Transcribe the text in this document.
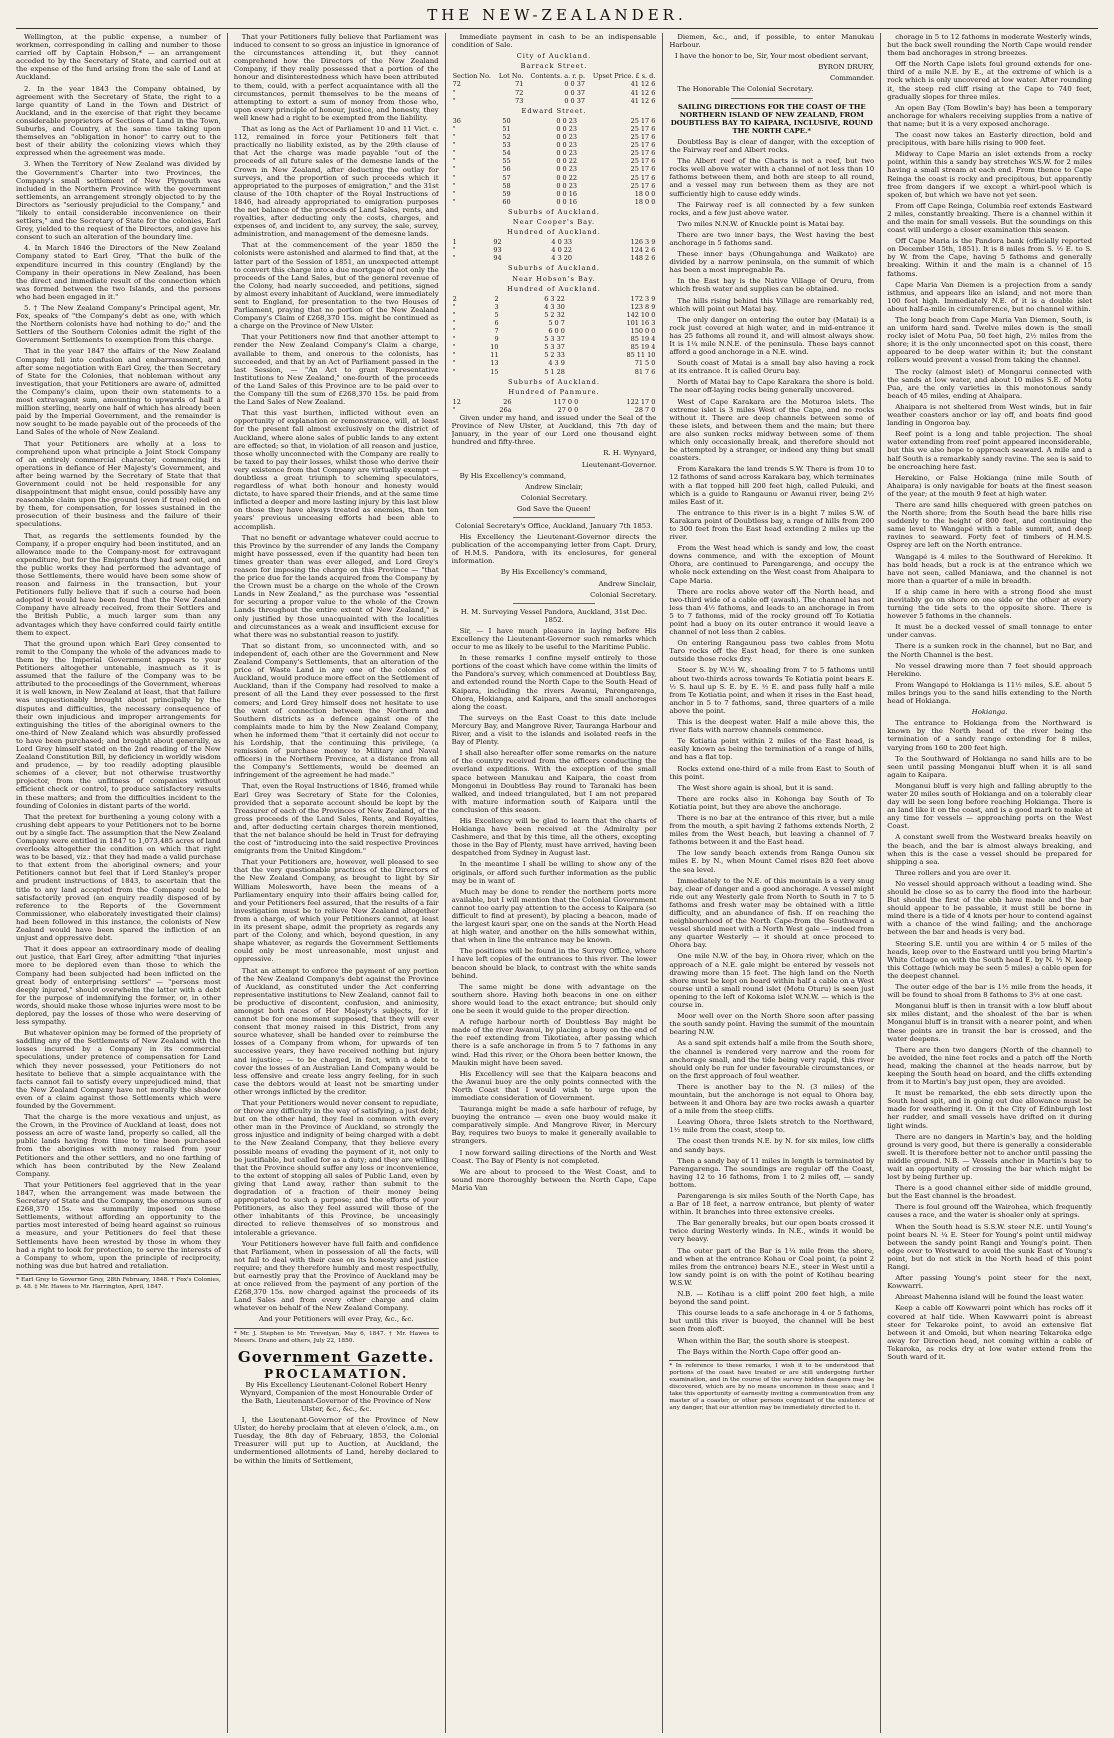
THE NEW-ZEALANDER.

Wellington, at the public expense, a number of workmen, corresponding in calling and number to those carried off by Captain Hobson,* — an arrangement acceded to by the Secretary of State, and carried out at the expense of the fund arising from the sale of Land at Auckland.

2. In the year 1843 the Company obtained, by agreement with the Secretary of State, the right to a large quantity of Land in the Town and District of Auckland, and in the exercise of that right they became considerable proprietors of Sections of Land in the Town, Suburbs, and Country, at the same time taking upon themselves an "obligation in honor" to carry out to the best of their ability the colonizing views which they expressed when the agreement was made.

3. When the Territory of New Zealand was divided by the Government's Charter into two Provinces, the Company's small settlement of New Plymouth was included in the Northern Province with the government settlements, an arrangement strongly objected to by the Directors as "seriously prejudicial to the Company," and "likely to entail considerable inconvenience on their settlers," and the Secretary of State for the colonies, Earl Grey, yielded to the request of the Directors, and gave his consent to such an alteration of the boundary line.

4. In March 1846 the Directors of the New Zealand Company stated to Earl Grey, "That the bulk of the expenditure incurred in this country (England) by the Company in their operations in New Zealand, has been the direct and immediate result of the connection which was formed between the two Islands, and the persons who had been engaged in it."

5. † The New Zealand Company's Principal agent, Mr. Fox, speaks of "the Company's debt as one, with which the Northern colonists have had nothing to do;" and the Settlers of the Southern Colonies admit the right of the Government Settlements to exemption from this charge.

That in the year 1847 the affairs of the New Zealand Company fell into confusion and embarrassment, and after some negotiation with Earl Grey, the then Secretary of State for the Colonies, that nobleman without any investigation, that your Petitioners are aware of, admitted the Company's claim, upon their own statements to a most extravagant sum, amounting to upwards of half a million sterling, nearly one half of which has already been paid by the Imperial Government, and the remainder is now sought to be made payable out of the proceeds of the Land Sales of the whole of New Zealand.

That your Petitioners are wholly at a loss to comprehend upon what principle a Joint Stock Company of an entirely commercial character, commencing its operations in defiance of Her Majesty's Government, and after being warned by the Secretary of State that that Government could not be held responsible for any disappointment that might ensue, could possibly have any reasonable claim upon the ground (even if true) relied on by them, for compensation, for losses sustained in the prosecution of their business and the failure of their speculations.

That, as regards the settlements founded by the Company, if a proper enquiry had been instituted, and an allowance made to the Company-most for extravagant expenditure, but for the Emigrants they had sent out, and the public works they had performed the advantage of those Settlements, there would have been some show of reason and fairness in the transaction, but your Petitioners fully believe that if such a course had been adopted it would have been found that the New Zealand Company have already received, from their Settlers and the British Public, a much larger sum than any advantages which they have conferred could fairly entitle them to expect.

That the ground upon which Earl Grey consented to remit to the Company the whole of the advances made to them by the Imperial Government appears to your Petitioners altogether untenable, inasmuch as it is assumed that the failure of the Company was to be attributed to the proceedings of the Government, whereas it is well known, in New Zealand at least, that that failure was unquestionably brought about principally by the disputes and difficulties, the necessary consequence of their own injudicious and improper arrangements for extinguishing the titles of the aboriginal owners to the one-third of New Zealand which was absurdly professed to have been purchased; and brought about generally, as Lord Grey himself stated on the 2nd reading of the New Zealand Constitution Bill, by deficiency in worldly wisdom and prudence, — by too readily adopting plausible schemes of a clever, but not otherwise trustworthy projector, from the unfitness of companies without efficient check or control, to produce satisfactory results in these matters; and from the difficulties incident to the founding of Colonies in distant parts of the world.

That the pretext for burthening a young colony with a crushing debt appears to your Petitioners not to be borne out by a single fact. The assumption that the New Zealand Company were entitled in 1847 to 1,073,485 acres of land overlooks altogether the condition on which that right was to be based, viz.: that they had made a valid purchase to that extent from the aboriginal owners; and your Petitioners cannot but feel that if Lord Stanley's proper and prudent instructions of 1843, to ascertain that the title to any land accepted from the Company could be satisfactorily proved (an enquiry readily disposed of by reference to the Reports of the Government Commissioner, who elaborately investigated their claims) had been followed in this instance, the colonists of New Zealand would have been spared the infliction of an unjust and oppressive debt.

That it does appear an extraordinary mode of dealing out justice, that Earl Grey, after admitting "that injuries more to be deplored even than those to which the Company had been subjected had been inflicted on the great body of enterprising settlers" — "persons most deeply injured," should overwhelm the latter with a debt for the purpose of indemnifying the former, or, in other words, should make those whose injuries were most to be deplored, pay the losses of those who were deserving of less sympathy.

But whatever opinion may be formed of the propriety of saddling any of the Settlements of New Zealand with the losses incurred by a Company in its commercial speculations, under pretence of compensation for Land which they never possessed, your Petitioners do not hesitate to believe that a simple acquaintance with the facts cannot fail to satisfy every unprejudiced mind, that the New Zealand Company have not morally the shadow even of a claim against those Settlements which were founded by the Government.

That the charge is the more vexatious and unjust, as the Crown, in the Province of Auckland at least, does not possess an acre of waste land, properly so called, all the public lands having from time to time been purchased from the aborigines with money raised from your Petitioners and the other settlers, and no one farthing of which has been contributed by the New Zealand Company.

That your Petitioners feel aggrieved that in the year 1847, when the arrangement was made between the Secretary of State and the Company, the enormous sum of £268,370 15s. was summarily imposed on these Settlements, without affording an opportunity to the parties most interested of being heard against so ruinous a measure, and your Petitioners do feel that these Settlements have been wrested by those in whom they had a right to look for protection, to serve the interests of a Company to whom, upon the principle of reciprocity, nothing was due but hatred and retaliation.

* Earl Grey to Governor Grey, 28th February, 1848. † Fox's Colonies, p. 48. ‡ Mr. Hawes to Mr. Harrington, April, 1847.

That your Petitioners fully believe that Parliament was induced to consent to so gross an injustice in ignorance of the circumstances attending it, but they cannot comprehend how the Directors of the New Zealand Company, if they really possessed that a portion of the honour and disinterestedness which have been attributed to them, could, with a perfect acquaintance with all the circumstances, permit themselves to be the means of attempting to extort a sum of money from those who, upon every principle of honour, justice, and honesty, they well knew had a right to be exempted from the liability.

That as long as the Act of Parliament 10 and 11 Vict. c. 112, remained in force your Petitioners felt that practically no liability existed, as by the 29th clause of that Act the charge was made payable "out of the proceeds of all future sales of the demesne lands of the Crown in New Zealand, after deducting the outlay for surveys, and the proportion of such proceeds which it appropriated to the purposes of emigration," and the 31st clause of the 10th chapter of the Royal Instructions of 1846, had already appropriated to emigration purposes the net balance of the proceeds of Land Sales, rents, and royalties, after deducting only the costs, charges, and expenses of, and incident to, any survey, the sale, survey, administration, and management of the demesne lands.

That at the commencement of the year 1850 the colonists were astonished and alarmed to find that, at the latter part of the Session of 1851, an unexpected attempt to convert this charge into a due mortgage of not only the proceeds of the Land Sales, but of the general revenue of the Colony, had nearly succeeded, and petitions, signed by almost every inhabitant of Auckland, were immediately sent to England, for presentation to the two Houses of Parliament, praying that no portion of the New Zealand Company's Claim of £268,370 15s. might be continued as a charge on the Province of New Ulster.

That your Petitioners now find that another attempt to render the New Zealand Company's Claim a charge, available to them, and onerous to the colonists, has succeeded, and that by an Act of Parliament passed in the last Session, — "An Act to grant Representative Institutions to New Zealand," one-fourth of the proceeds of the Land Sales of this Province are to be paid over to the Company till the sum of £268,370 15s. be paid from the Land Sales of New Zealand.

That this vast burthen, inflicted without even an opportunity of explanation or remonstrance, will, at least for the present fall almost exclusively on the district of Auckland, where alone sales of public lands to any extent are effected; so that, in violation of all reason and justice, those wholly unconnected with the Company are really to be taxed to pay their losses, whilst those who derive their very existence from that Company are virtually exempt — doubtless a great triumph to scheming speculators, regardless of what both honour and honesty would dictate, to have spared their friends, and at the same time inflicted a deeper and more lasting injury by this last blow on those they have always treated as enemies, than ten years' previous unceasing efforts had been able to accomplish.

That no benefit or advantage whatever could accrue to this Province by the surrender of any lands the Company might have possessed, even if the quantity had been ten times greater than was ever alleged, and Lord Grey's reason for imposing the charge on this Province — "that the price due for the lands acquired from the Company by the Crown must be a charge on the whole of the Crown Lands in New Zealand," as the purchase was "essential for securing a proper value to the whole of the Crown Lands throughout the entire extent of New Zealand," is only justified by those unacquainted with the localities and circumstances as a weak and insufficient excuse for what there was no substantial reason to justify.

That so distant from, so unconnected with, and so independent of, each other are the Government and New Zealand Company's Settlements, that an alteration of the price of Waste Land in any one of the colonies of Auckland, would produce more effect on the Settlement of Auckland, than if the Company had resolved to make a present of all the Land they ever possessed to the first comers; and Lord Grey himself does not hesitate to use the want of connection between the Northern and Southern districts as a defence against one of the complaints made to him by the New Zealand Company, when he informed them "that it certainly did not occur to his Lordship, that the continuing this privilege, (a remission of purchase money to Military and Naval officers) in the Northern Province, at a distance from all the Company's Settlements, would be deemed an infringement of the agreement he had made."

That, even the Royal Instructions of 1846, framed while Earl Grey was Secretary of State for the Colonies, provided that a separate account should be kept by the Treasurer of each of the Provinces of New Zealand, of the gross proceeds of the Land Sales, Rents, and Royalties, and, after deducting certain charges therein mentioned, that the net balance should be held in Trust for defraying the cost of "introducing into the said respective Provinces emigrants from the United Kingdom."

That your Petitioners are, however, well pleased to see that the very questionable practices of the Directors of the New Zealand Company, as brought to light by Sir William Molesworth, have been the means of a Parliamentary enquiry into their affairs being called for, and your Petitioners feel assured, that the results of a fair investigation must be to relieve New Zealand altogether from a charge, of which your Petitioners cannot, at least in its present shape, admit the propriety as regards any part of the Colony, and which, beyond question, in any shape whatever, as regards the Government Settlements could only be most unreasonable, most unjust and oppressive.

That an attempt to enforce the payment of any portion of the New Zealand Company's debt against the Province of Auckland, as constituted under the Act conferring representative institutions to New Zealand, cannot fail to be productive of discontent, confusion, and animosity, amongst both races of Her Majesty's subjects, for it cannot be for one moment supposed, that they will ever consent that money raised in this District, from any source whatever, shall be handed over to reimburse the losses of a Company from whom, for upwards of ten successive years, they have received nothing but injury and injustice; — to be charged, in fact, with a debt to cover the losses of an Australian Land Company would be less offensive and create less angry feeling, for in such case the debtors would at least not be smarting under other wrongs inflicted by the creditor.

That your Petitioners would never consent to repudiate, or throw any difficulty in the way of satisfying, a just debt; but on the other hand, they feel in common with every other man in the Province of Auckland, so strongly the gross injustice and indignity of being charged with a debt to the New Zealand Company, that they believe every possible means of evading the payment of it, not only to be justifiable, but called for as a duty; and they are willing that the Province should suffer any loss or inconvenience, to the extent of stopping all sales of Public Land, even by giving that Land away, rather than submit to the degradation of a fraction of their money being appropriated to such a purpose; and the efforts of your Petitioners, as also they feel assured will those of the other inhabitants of this Province, be unceasingly directed to relieve themselves of so monstrous and intolerable a grievance.

Your Petitioners however have full faith and confidence that Parliament, when in possession of all the facts, will not fail to deal with their case on its honesty and justice require; and they therefore humbly and most respectfully, but earnestly pray that the Province of Auckland may be at once relieved from the payment of any portion of the £268,370 15s. now charged against the proceeds of its Land Sales and from every other charge and claim whatever on behalf of the New Zealand Company.

And your Petitioners will ever Pray, &c., &c.

* Mr. J. Stephen to Mr. Trevelyan, May 6, 1847. † Mr. Hawes to Messrs. Drano and others, July 22, 1850.
Government Gazette.

PROCLAMATION.

By His Excellency Lieutenant-Colonel Robert Henry Wynyard, Companion of the most Honourable Order of the Bath, Lieutenant-Governor of the Province of New Ulster, &c., &c., &c.

I, the Lieutenant-Governor of the Province of New Ulster, do hereby proclaim that at eleven o'clock, a.m., on Tuesday, the 8th day of February, 1853, the Colonial Treasurer will put up to Auction, at Auckland, the undermentioned allotments of Land, hereby declared to be within the limits of Settlement,

Immediate payment in cash to be an indispensable condition of Sale.

City of Auckland.
Barrack Street.
Section No.	Lot No.	Contents. a. r. p.	Upset Price. £ s. d.
72	71	0 0 37	41 12 6
"	72	0 0 37	41 12 6
"	73	0 0 37	41 12 6
Edward Street.
36	50	0 0 23	25 17 6
"	51	0 0 23	25 17 6
"	52	0 0 23	25 17 6
"	53	0 0 23	25 17 6
"	54	0 0 23	25 17 6
"	55	0 0 22	25 17 6
"	56	0 0 23	25 17 6
"	57	0 0 22	25 17 6
"	58	0 0 23	25 17 6
"	59	0 0 16	18 0 0
"	60	0 0 16	18 0 0
Suburbs of Auckland.
Near Cooper's Bay.
Hundred of Auckland.
1	92	4 0 33	126 3 9
"	93	4 0 22	124 2 6
"	94	4 3 20	148 2 6
Suburbs of Auckland.
Near Hobson's Bay.
Hundred of Auckland.
2	2	6 3 22	172 3 9
"	3	4 3 30	123 8 9
"	5	5 2 32	142 10 0
"	6	5 0 7	101 16 3
"	7	6 0 0	150 0 0
"	9	5 3 37	85 19 4
"	10	5 3 37	85 19 4
"	11	5 2 33	85 11 10
"	13	4 3 9	71 5 0
"	15	5 1 28	81 7 6
Suburbs of Auckland.
Hundred of Panmure.
12	26	117 0 0	122 17 0
"	26a	27 0 0	28 7 0

Given under my hand, and issued under the Seal of the Province of New Ulster, at Auckland, this 7th day of January, in the year of our Lord one thousand eight hundred and fifty-three.

R. H. Wynyard,

Lieutenant-Governor.

By His Excellency's command,

Andrew Sinclair,

Colonial Secretary.

God Save the Queen!

Colonial Secretary's Office, Auckland, January 7th 1853.

His Excellency the Lieutenant-Governor directs the publication of the accompanying letter from Capt. Drury, of H.M.S. Pandora, with its enclosures, for general information.

By His Excellency's command,

Andrew Sinclair,

Colonial Secretary.

H. M. Surveying Vessel Pandora, Auckland, 31st Dec. 1852.

Sir, — I have much pleasure in laying before His Excellency the Lieutenant-Governor such remarks which occur to me as likely to be useful to the Maritime Public.

In these remarks I confine myself entirely to those portions of the coast which have come within the limits of the Pandora's survey, which commenced at Doubtless Bay, and extended round the North Cape to the South Head of Kaipara, including the rivers Awanui, Parengarenga, Ohora, Hokianga, and Kaipara, and the small anchorages along the coast.

The surveys on the East Coast to this date include Mercury Bay, and Mangrove River, Tauranga Harbour and River, and a visit to the islands and isolated reefs in the Bay of Plenty.

I shall also hereafter offer some remarks on the nature of the country received from the officers conducting the overland expeditions. With the exception of the small space between Manukau and Kaipara, the coast from Mongonui in Doubtless Bay round to Taranaki has been walked, and indeed triangulated, but I am not prepared with mature information south of Kaipara until the conclusion of this season.

His Excellency will be glad to learn that the charts of Hokianga have been received at the Admiralty per Cashmere, and that by this time, all the others, excepting those in the Bay of Plenty, must have arrived, having been despatched from Sydney in August last.

In the meantime I shall be willing to show any of the originals, or afford such further information as the public may be in want of.

Much may be done to render the northern ports more available, but I will mention that the Colonial Government cannot too early pay attention to the access to Kaipara (so difficult to find at present), by placing a beacon, made of the largest kauri spar, one on the sands at the North Head at high water, and another on the hills somewhat within, that when in line the entrance may be known.

The positions will be found in the Survey Office, where I have left copies of the entrances to this river. The lower beacon should be black, to contrast with the white sands behind.

The same might be done with advantage on the southern shore. Having both beacons in one on either shore would lead to the exact entrance; but should only one be seen it would guide to the proper direction.

A refuge harbour north of Doubtless Bay might be made of the river Awanui, by placing a buoy on the end of the reef extending from Tikotiatea, after passing which there is a safe anchorage in from 5 to 7 fathoms in any wind. Had this river, or the Ohora been better known, the Maukin might have been saved.

His Excellency will see that the Kaipara beacons and the Awanui buoy are the only points connected with the North Coast that I would wish to urge upon the immediate consideration of Government.

Tauranga might be made a safe harbour of refuge, by buoying the entrance — even one buoy would make it comparatively simple. And Mangrove River, in Mercury Bay, requires two buoys to make it generally available to strangers.

I now forward sailing directions of the North and West Coast. The Bay of Plenty is not completed.

We are about to proceed to the West Coast, and to sound more thoroughly between the North Cape, Cape Maria Van

Diemen, &c., and, if possible, to enter Manukau Harbour.

I have the honor to be, Sir, Your most obedient servant,

BYRON DRURY,

Commander.

The Honorable The Colonial Secretary.

SAILING DIRECTIONS FOR THE COAST OF THE NORTHERN ISLAND OF NEW ZEALAND, FROM DOUBTLESS BAY TO KAIPARA, INCLUSIVE, ROUND THE NORTH CAPE.*

Doubtless Bay is clear of danger, with the exception of the Fairway reef and Albert rocks.

The Albert reef of the Charts is not a reef, but two rocks well above water with a channel of not less than 10 fathoms between them, and both are steep to all round, and a vessel may run between them as they are not sufficiently high to cause eddy winds.

The Fairway reef is all connected by a few sunken rocks, and a few just above water.

Two miles N.N.W. of Knuckle point is Matai bay.

There are two inner bays, the West having the best anchorage in 5 fathoms sand.

These inner bays (Ohungahunga and Waikato) are divided by a narrow peninsula, on the summit of which has been a most impregnable Pa.

In the East bay is the Native Village of Oruru, from which fresh water and supplies can be obtained.

The hills rising behind this Village are remarkably red, which will point out Matai bay.

The only danger on entering the outer bay (Matai) is a rock just covered at high water, and in mid-entrance it has 25 fathoms all round it, and will almost always show. It is 1¼ mile N.N.E. of the peninsula. These bays cannot afford a good anchorage in a N.E. wind.

South coast of Matai is a small bay also having a rock at its entrance. It is called Oruru bay.

North of Matai bay to Cape Karakara the shore is bold. The near off-laying rocks being generally uncovered.

West of Cape Karakara are the Moturoa islets. The extreme islet is 3 miles West of the Cape, and no rocks without it. There are deep channels between some of these islets, and between them and the main; but there are also sunken rocks midway between some of them which only occasionally break, and therefore should not be attempted by a stranger, or indeed any thing but small coasters.

From Karakara the land trends S.W. There is from 10 to 12 fathoms of sand across Karakara bay, which terminates with a flat topped hill 200 feet high, called Pukuki, and which is a guide to Rangaunu or Awanui river, being 2½ miles East of it.

The entrance to this river is in a bight 7 miles S.W. of Karakara point of Doubtless bay, a range of hills from 200 to 300 feet from the East head extending 2 miles up the river.

From the West head which is sandy and low, the coast downs commence, and with the exception of Mount Ohora, are continued to Parengarenga, and occupy the whole neck extending on the West coast from Ahaipara to Cape Maria.

There are rocks above water off the North head, and two-third wide of a cable off (awash). The channel has not less than 4½ fathoms, and leads to an anchorage in from 5 to 7 fathoms, mid of the rocky ground off To Kotiatia point had a buoy on its outer entrance it would leave a channel of not less than 2 cables.

On entering Rangaunou pass two cables from Motu Taro rocks off the East head, for there is one sunken outside those rocks dry.

Steer S. by W.½ W., shoaling from 7 to 5 fathoms until about two-thirds across towards Te Kotiatia point bears E. ½ S. haul up S. E. by E. ½ E. and pass fully half a mile from Te Kotiatia point, and when it rises in the East head, anchor in 5 to 7 fathoms, sand, three quarters of a mile above the point.

This is the deepest water. Half a mile above this, the river flats with narrow channels commence.

Te Kotiatia point within 2 miles of the East head, is easily known as being the termination of a range of hills, and has a flat top.

Rocks extend one-third of a mile from East to South of this point.

The West shore again is shoal, but it is sand.

There are rocks also in Kohonga bay South of To Kotiatia point, but they are above the anchorage.

There is no bar at the entrance of this river, but a mile from the mouth, a spit having 2 fathoms extends North, 2 miles from the West beach, but leaving a channel of 7 fathoms between it and the East head.

The low sandy beach extends from Ranga Ounou six miles E. by N., when Mount Camel rises 820 feet above the sea level.

Immediately to the N.E. of this mountain is a very snug bay, clear of danger and a good anchorage. A vessel might ride out any Westerly gale from North to South in 7 to 5 fathoms and fresh water may be obtained with a little difficulty, and an abundance of fish. If on reaching the neighbourhood of the North Cape-from the Southward a vessel should meet with a North West gale — indeed from any quarter Westerly — it should at once proceed to Ohora bay.

One mile N.W. of the bay, in Ohora river, which on the approach of a N.E. gale might be entered by vessels not drawing more than 15 feet. The high land on the North shore must be kept on board within half a cable on a West course until a small round islet (Motu Oturu) is seen just opening to the left of Kokoma islet W.N.W. — which is the course in.

Moor well over on the North Shore soon after passing the south sandy point. Having the summit of the mountain bearing N.W.

As a sand spit extends half a mile from the South shore, the channel is rendered very narrow and the room for anchorage small, and the tide being very rapid, this river should only be run for under favourable circumstances, or on the first approach of foul weather.

There is another bay to the N. (3 miles) of the mountain, but the anchorage is not equal to Ohora bay, between it and Ohora bay are two rocks awash a quarter of a mile from the steep cliffs.

Leaving Ohora, three Islets stretch to the Northward, 1½ mile from the coast, steep to.

The coast then trends N.E. by N. for six miles, low cliffs and sandy bays.

Then a sandy bay of 11 miles in length is terminated by Parengarenga. The soundings are regular off the Coast, having 12 to 16 fathoms, from 1 to 2 miles off, — sandy bottom.

Parengarenga is six miles South of the North Cape, has a Bar of 18 feet, a narrow entrance, but plenty of water within. It branches into three extensive creeks.

The Bar generally breaks, but our open boats crossed it twice during Westerly winds. In N.E., winds it would be very heavy.

The outer part of the Bar is 1¼ mile from the shore, and when at the entrance Kohau or Coal point, (a point 2 miles from the entrance) bears N.E., steer in West until a low sandy point is on with the point of Kotihau bearing W.S.W.

N.B. — Kotihau is a cliff point 200 feet high, a mile beyond the sand point.

This course leads to a safe anchorage in 4 or 5 fathoms, but until this river is buoyed, the channel will be best seen from aloft.

When within the Bar, the south shore is steepest.

The Bays within the North Cape offer good an-

* In reference to these remarks, I wish it to be understood that portions of the coast have treated or are still undergoing further examination, and in the course of the survey hidden dangers may be discovered, which are by no means uncommon in these seas; and I take this opportunity of earnestly inviting a communication from any master of a coaster, or other persons cognizant of the existence of any danger, that our attention may be immediately directed to it.

chorage in 5 to 12 fathoms in moderate Westerly winds, but the back swell rounding the North Cape would render them bad anchorages in strong breezes.

Off the North Cape islets foul ground extends for one-third of a mile N.E. by E., at the extreme of which is a rock which is only uncovered at low water. After rounding it, the steep red cliff rising at the Cape to 740 feet, gradually slopes for three miles.

An open Bay (Tom Bowlin's bay) has been a temporary anchorage for whalers receiving supplies from a native of that name; but it is a very exposed anchorage.

The coast now takes an Easterly direction, bold and precipitous, with bare hills rising to 900 feet.

Midway to Cape Maria an islet extends from a rocky point, within this a sandy bay stretches W.S.W. for 2 miles having a small stream at each end. From thence to Cape Reinga the coast is rocky and precipitous, but apparently free from dangers if we except a whirl-pool which is spoken of, but which we have not yet seen.

From off Cape Reinga, Columbia reef extends Eastward 2 miles, constantly breaking. There is a channel within it and the main for small vessels. But the soundings on this coast will undergo a closer examination this season.

Off Cape Maria is the Pandora bank (officially reported on December 15th, 1851). It is 8 miles from S. ½ E. to S. by W. from the Cape, having 5 fathoms and generally breaking. Within it and the main is a channel of 15 fathoms.

Cape Maria Van Diemen is a projection from a sandy isthmus, and appears like an island, and not more than 100 feet high. Immediately N.E. of it is a double islet about half-a-mile in circumference, but no channel within.

The long beach from Cape Maria Van Diemen, South, is an uniform hard sand. Twelve miles down is the small rocky islet of Motu Pua, 50 feet high, 2½ miles from the shore; it is the only unconnected spot on this coast, there appeared to be deep water within it; but the constant rollers would prevent a vessel from taking the channel.

The rocky (almost islet) of Mongarui connected with the sands at low water, and about 10 miles S.E. of Motu Pua, are the only varieties in this monotonous sandy beach of 45 miles, ending at Ahaipara.

Ahaipara is not sheltered from West winds, but in fair weather coasters anchor or lay off, and boats find good landing in Ongoroa bay.

Reef point is a long and table projection. The shoal water extending from reef point appeared inconsiderable, but this we also hope to approach seaward. A mile and a half South is a remarkably sandy ravine. The sea is said to be encroaching here fast.

Herekino, or False Hokianga (nine mile South of Ahaipara) is only navigable for boats at the finest season of the year; at the mouth 9 feet at high water.

There are sand hills chequered with green patches on the North shore; from the South head the bare hills rise suddenly to the height of 800 feet, and continuing the same level to Wangapé with a table summit, and deep ravines to seaward. Forty feet of timbers of H.M.S. Osprey are left on the North entrance.

Wangapé is 4 miles to the Southward of Herekino. It has bold heads, but a rock is at the entrance which we have not seen, called Maniawa, and the channel is not more than a quarter of a mile in breadth.

If a ship came in here with a strong flood she must inevitably go on shore on one side or the other at every turning the tide sets to the opposite shore. There is however 5 fathoms in the channels.

It must be a decked vessel of small tonnage to enter under canvas.

There is a sunken rock in the channel, but no Bar, and the North Channel is the best.

No vessel drawing more than 7 feet should approach Herekino.

From Wangapé to Hokianga is 11½ miles, S.E. about 5 miles brings you to the sand hills extending to the North head of Hokianga.

Hokianga.

The entrance to Hokianga from the Northward is known by the North head of the river being the termination of a sandy range extending for 8 miles, varying from 160 to 200 feet high.

To the Southward of Hokianga no sand hills are to be seen until passing Monganui bluff when it is all sand again to Kaipara.

Monganui bluff is very high and falling abruptly to the water 20 miles south of Hokianga and on a tolerably clear day will be seen long before reaching Hokianga. There is an land like it on the coast, and is a good mark to make at any time for vessels — approaching ports on the West Coast.

A constant swell from the Westward breaks heavily on the beach, and the bar is almost always breaking, and when this is the case a vessel should be prepared for shipping a sea.

Three rollers and you are over it.

No vessel should approach without a leading wind. She should be close so as to carry the flood into the harbour. But should the first of the ebb have made and the bar should appear to be passable, it must still be borne in mind there is a tide of 4 knots per hour to contend against with a chance of the wind failing; and the anchorage between the bar and heads is very bad.

Steering S.E. until you are within 4 or 5 miles of the heads, keep over to the Eastward until you bring Martin's White Cottage on with the South head E. by N. ½ N. keep this Cottage (which may be seen 5 miles) a cable open for the deepest channel.

The outer edge of the bar is 1½ mile from the heads, it will be found to shoal from 8 fathoms to 3½ at one cast.

Monganui bluff is then in transit with a low bluff about six miles distant, and the shoalest of the bar is when Monganui bluff is in transit with a nearer point, and when these points are in transit the bar is crossed, and the water deepens.

There are then two dangers (North of the channel) to be avoided, the nine feet rocks and a patch off the North head, making the channel at the heads narrow, but by keeping the South head on board, and the cliffs extending from it to Martin's bay just open, they are avoided.

It must be remarked, the ebb sets directly upon the South head spit, and in going out due allowance must be made for weathering it. On it the City of Edinburgh lost her rudder, and small vessels have drifted on it during light winds.

There are no dangers in Martin's bay, and the holding ground is very good, but there is generally a considerable swell. It is therefore better not to anchor until passing the middle ground. N.B. — Vessels anchor in Martin's bay to wait an opportunity of crossing the bar which might be lost by being further up.

There is a good channel either side of middle ground, but the East channel is the broadest.

There is foul ground off the Wairohea, which frequently causes a race, and the water is shoaler only at springs.

When the South head is S.S.W. steer N.E. until Young's point bears N. ¼ E. Steer for Young's point until midway between the sandy point Rangi and Young's point. Then edge over to Westward to avoid the sunk East of Young's point, but do not stick in the North head of this point Rangi.

After passing Young's point steer for the next, Kowwarri.

Abreast Mahenna island will be found the least water.

Keep a cable off Kowwarri point which has rocks off it covered at half tide. When Kawwarri point is abreast steer for Tekaroke point, to avoid an extensive flat between it and Omoki, but when nearing Tekaroka edge away for Direction head, not coming within a cable of Tekaroka, as rocks dry at low water extend from the South ward of it.
